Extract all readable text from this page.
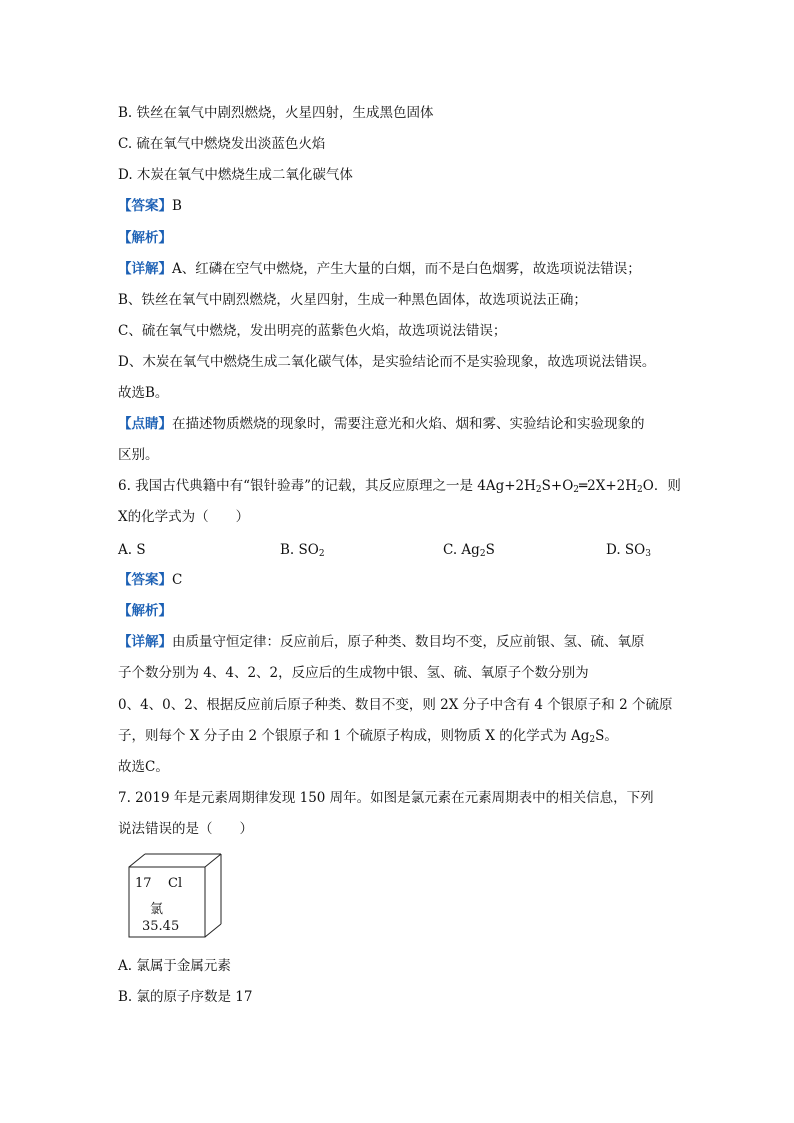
B. 铁丝在氧气中剧烈燃烧，火星四射，生成黑色固体
C. 硫在氧气中燃烧发出淡蓝色火焰
D. 木炭在氧气中燃烧生成二氧化碳气体
【答案】B
【解析】
【详解】A、红磷在空气中燃烧，产生大量的白烟，而不是白色烟雾，故选项说法错误；
B、铁丝在氧气中剧烈燃烧，火星四射，生成一种黑色固体，故选项说法正确；
C、硫在氧气中燃烧，发出明亮的蓝紫色火焰，故选项说法错误；
D、木炭在氧气中燃烧生成二氧化碳气体，是实验结论而不是实验现象，故选项说法错误。
故选B。
【点睛】在描述物质燃烧的现象时，需要注意光和火焰、烟和雾、实验结论和实验现象的
区别。
6. 我国古代典籍中有“银针验毒”的记载，其反应原理之一是 $4Ag+2H_2S+O_2═2X+2H_2O$．则
X的化学式为（　　）
A. S	B. $SO_2$	C. $Ag_2S$	D. $SO_3$
【答案】C
【解析】
【详解】由质量守恒定律：反应前后，原子种类、数目均不变，反应前银、氢、硫、氧原
子个数分别为 4、4、2、2，反应后的生成物中银、氢、硫、氧原子个数分别为
0、4、0、2、根据反应前后原子种类、数目不变，则 2X 分子中含有 4 个银原子和 2 个硫原
子，则每个 X 分子由 2 个银原子和 1 个硫原子构成，则物质 X 的化学式为 $Ag_2S$。
故选C。
7. 2019 年是元素周期律发现 150 周年。如图是氯元素在元素周期表中的相关信息，下列
说法错误的是（　　）
17 Cl
氯
35.45
A. 氯属于金属元素
B. 氯的原子序数是 17
